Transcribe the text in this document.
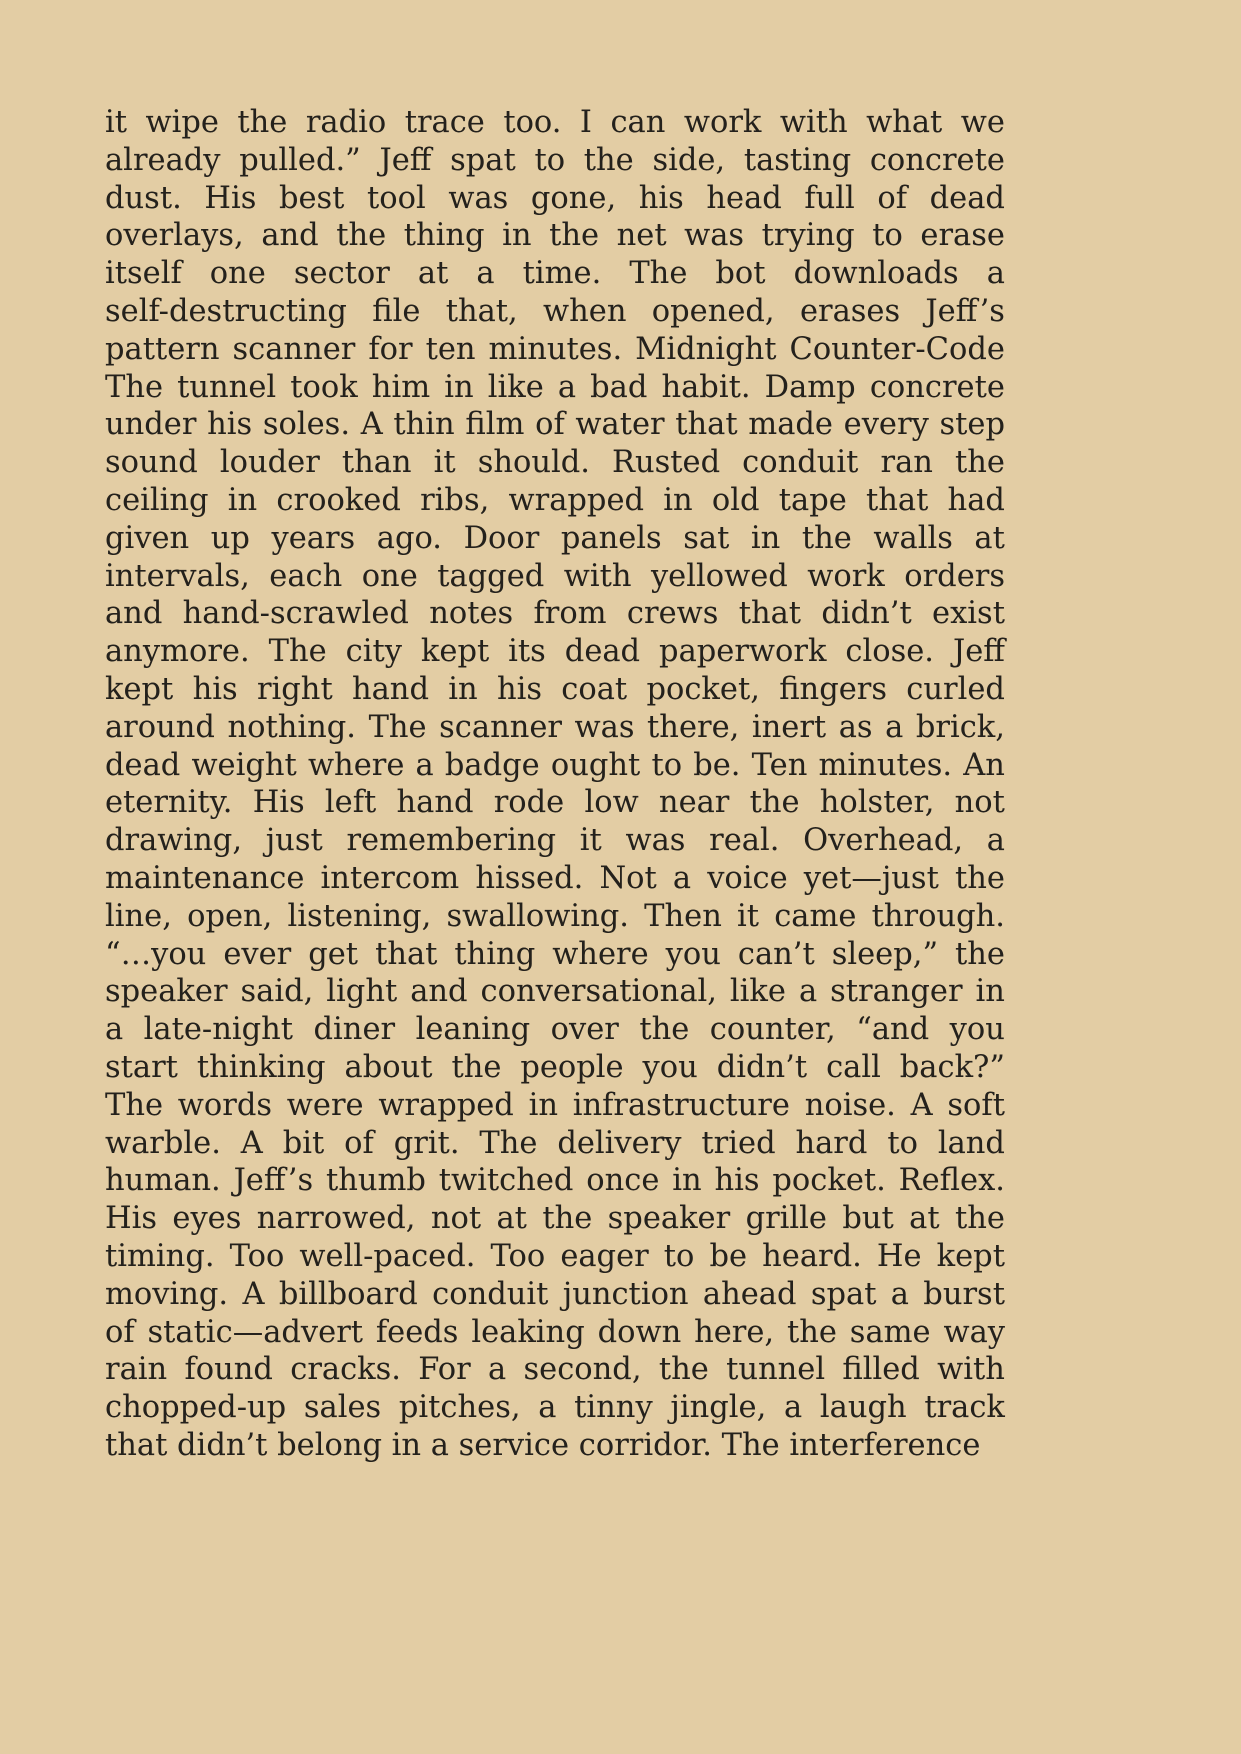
it wipe the radio trace too. I can work with what we
already pulled.” Jeff spat to the side, tasting concrete
dust. His best tool was gone, his head full of dead
overlays, and the thing in the net was trying to erase
itself one sector at a time. The bot downloads a
self-destructing file that, when opened, erases Jeff’s
pattern scanner for ten minutes. Midnight Counter-Code
The tunnel took him in like a bad habit. Damp concrete
under his soles. A thin film of water that made every step
sound louder than it should. Rusted conduit ran the
ceiling in crooked ribs, wrapped in old tape that had
given up years ago. Door panels sat in the walls at
intervals, each one tagged with yellowed work orders
and hand-scrawled notes from crews that didn’t exist
anymore. The city kept its dead paperwork close. Jeff
kept his right hand in his coat pocket, fingers curled
around nothing. The scanner was there, inert as a brick,
dead weight where a badge ought to be. Ten minutes. An
eternity. His left hand rode low near the holster, not
drawing, just remembering it was real. Overhead, a
maintenance intercom hissed. Not a voice yet—just the
line, open, listening, swallowing. Then it came through.
“…you ever get that thing where you can’t sleep,” the
speaker said, light and conversational, like a stranger in
a late-night diner leaning over the counter, “and you
start thinking about the people you didn’t call back?”
The words were wrapped in infrastructure noise. A soft
warble. A bit of grit. The delivery tried hard to land
human. Jeff’s thumb twitched once in his pocket. Reflex.
His eyes narrowed, not at the speaker grille but at the
timing. Too well-paced. Too eager to be heard. He kept
moving. A billboard conduit junction ahead spat a burst
of static—advert feeds leaking down here, the same way
rain found cracks. For a second, the tunnel filled with
chopped-up sales pitches, a tinny jingle, a laugh track
that didn’t belong in a service corridor. The interference
